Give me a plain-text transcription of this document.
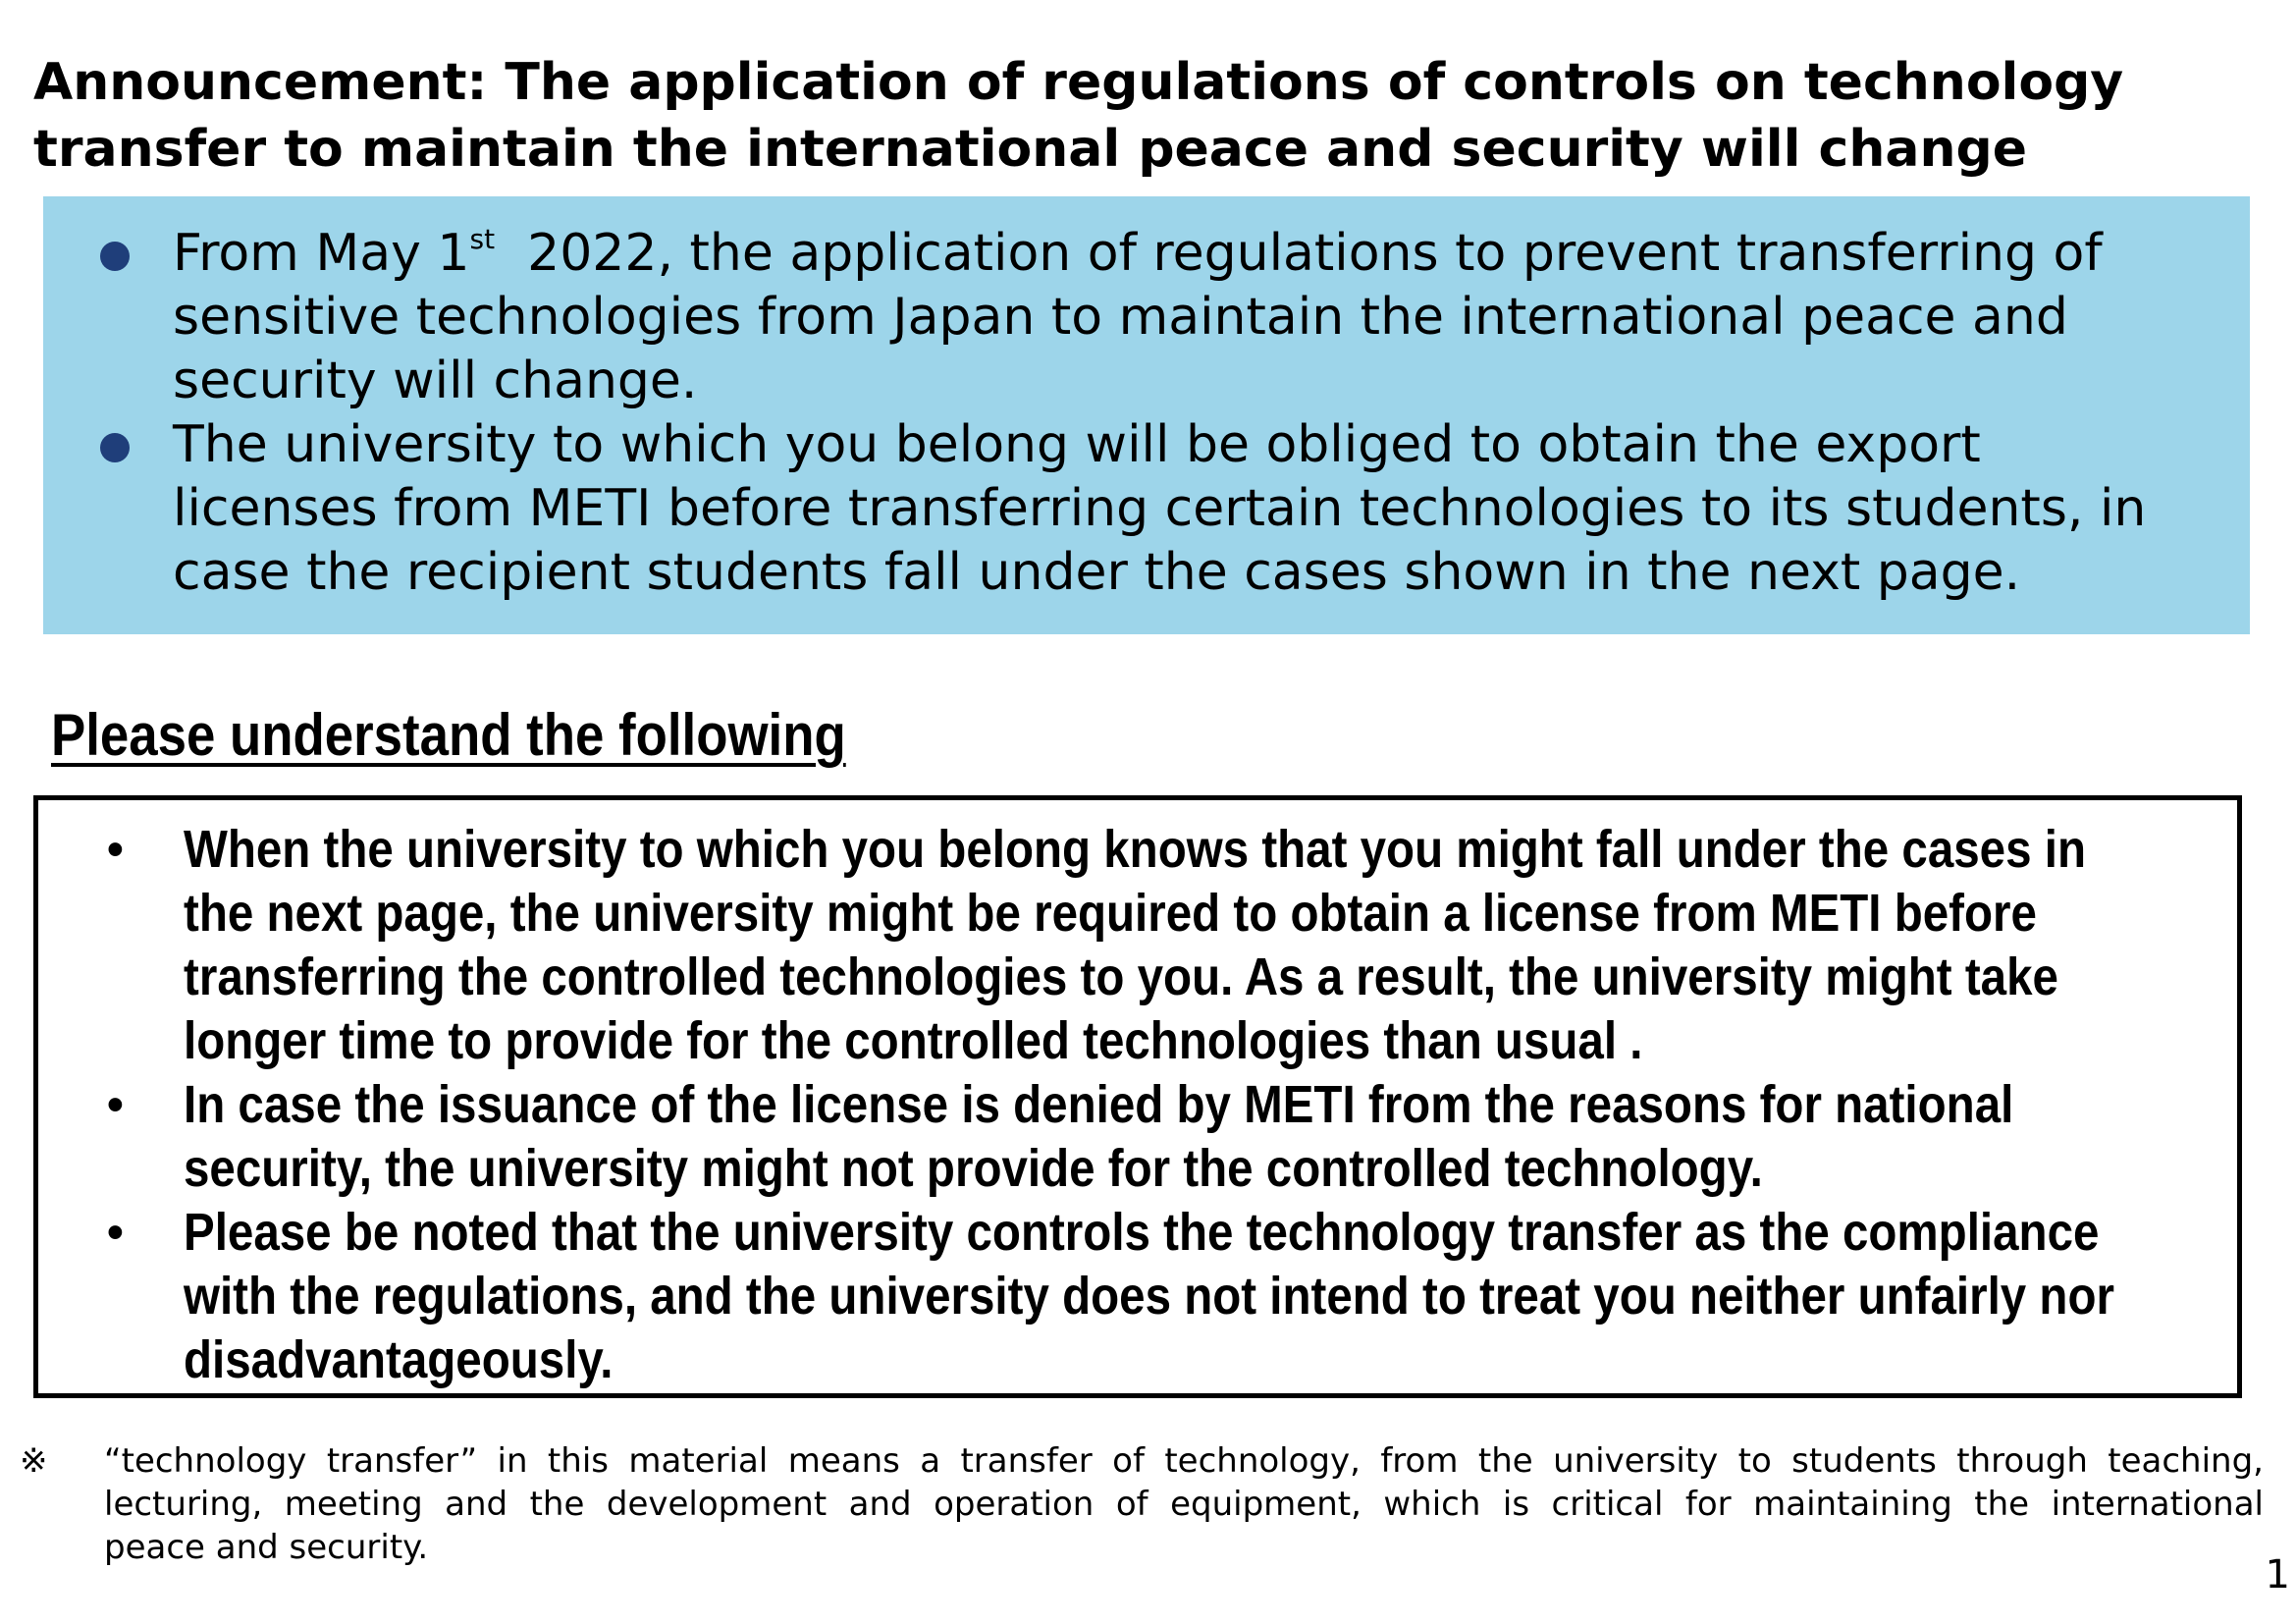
Announcement: The application of regulations of controls on technology
transfer to maintain the international peace and security will change
From May 1st  2022, the application of regulations to prevent transferring of
sensitive technologies from Japan to maintain the international peace and
security will change.
The university to which you belong will be obliged to obtain the export
licenses from METI before transferring certain technologies to its students, in
case the recipient students fall under the cases shown in the next page.
Please understand the following
• When the university to which you belong knows that you might fall under the cases in
the next page, the university might be required to obtain a license from METI before
transferring the controlled technologies to you. As a result, the university might take
longer time to provide for the controlled technologies than usual .
• In case the issuance of the license is denied by METI from the reasons for national
security, the university might not provide for the controlled technology.
• Please be noted that the university controls the technology transfer as the compliance
with the regulations, and the university does not intend to treat you neither unfairly nor
disadvantageously.
※ “technology transfer” in this material means a transfer of technology, from the university to students through teaching,
lecturing, meeting and the development and operation of equipment, which is critical for maintaining the international
peace and security.
1
